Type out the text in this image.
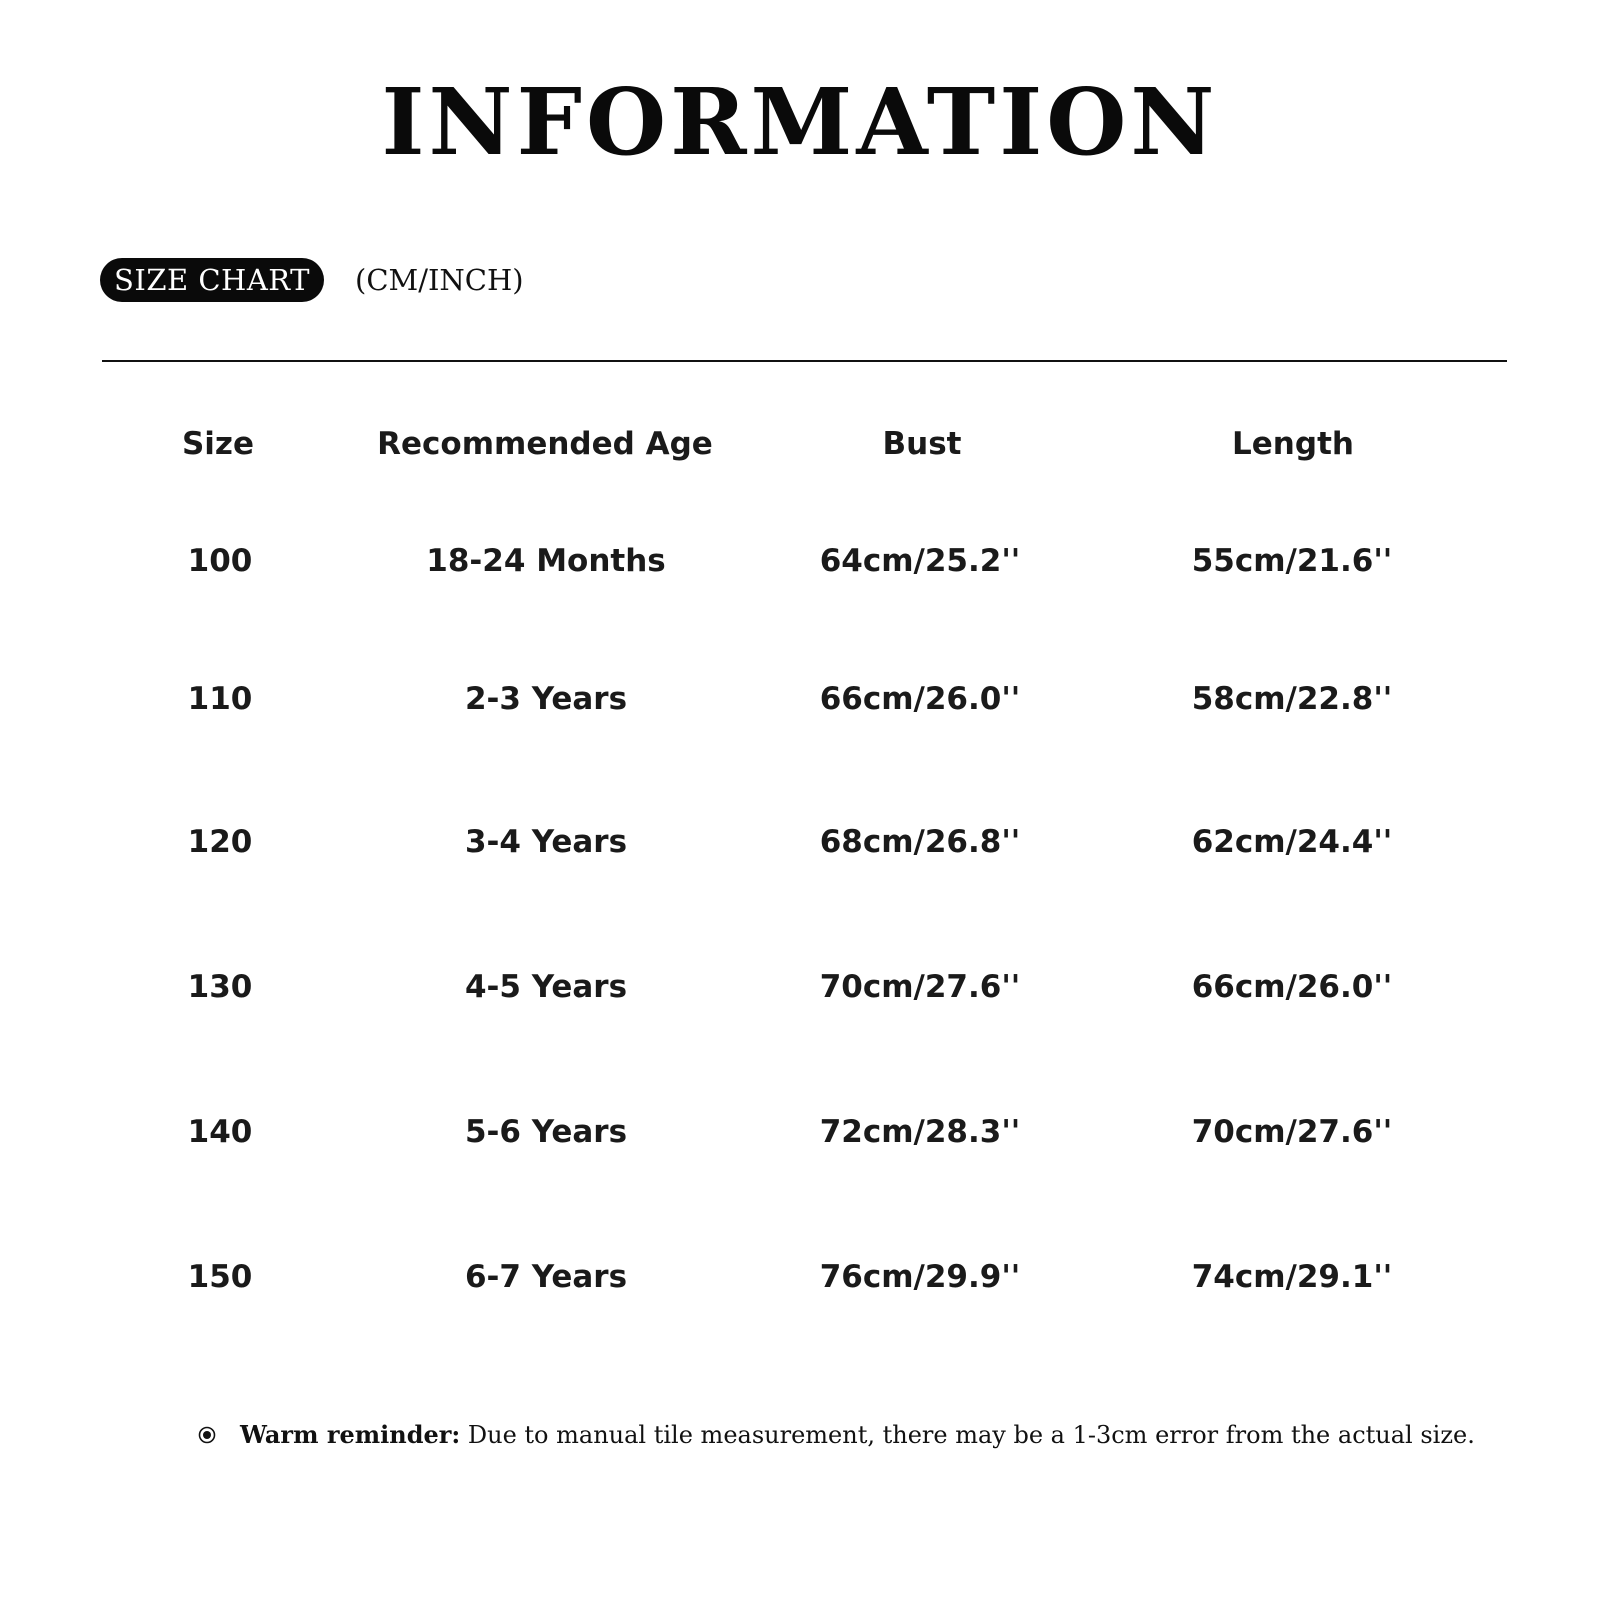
INFORMATION
SIZE CHART	(CM/INCH)
Size	Recommended Age	Bust	Length
100	18-24 Months	64cm/25.2''	55cm/21.6''
110	2-3 Years	66cm/26.0''	58cm/22.8''
120	3-4 Years	68cm/26.8''	62cm/24.4''
130	4-5 Years	70cm/27.6''	66cm/26.0''
140	5-6 Years	72cm/28.3''	70cm/27.6''
150	6-7 Years	76cm/29.9''	74cm/29.1''
Warm reminder: Due to manual tile measurement, there may be a 1-3cm error from the actual size.
